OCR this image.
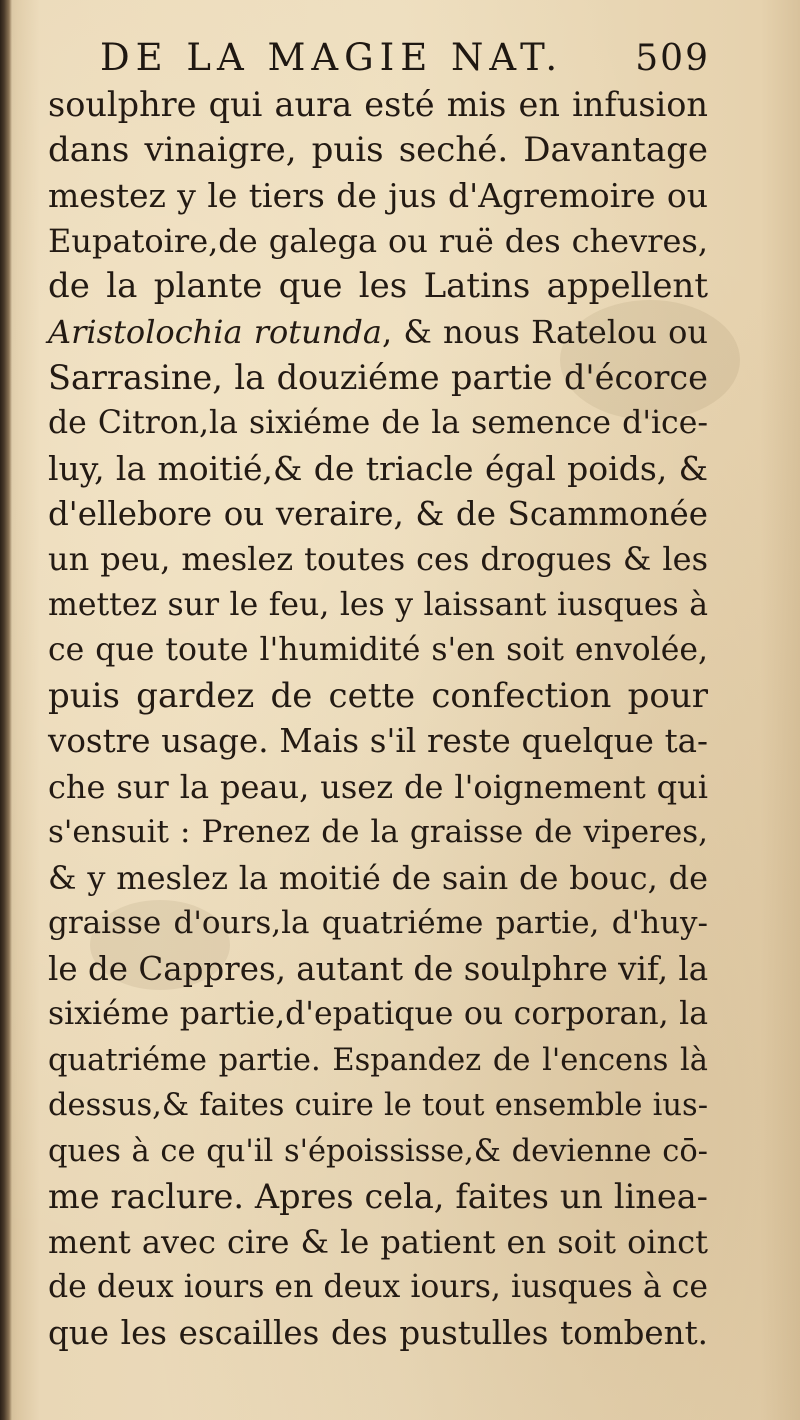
DE LA MAGIE NAT. 509
soulphre qui aura esté mis en infusion
dans vinaigre, puis seché. Davantage
mestez y le tiers de jus d'Agremoire ou
Eupatoire,de galega ou ruë des chevres,
de la plante que les Latins appellent
Aristolochia rotunda, & nous Ratelou ou
Sarrasine, la douziéme partie d'écorce
de Citron,la sixiéme de la semence d'ice-
luy, la moitié,& de triacle égal poids, &
d'ellebore ou veraire, & de Scammonée
un peu, meslez toutes ces drogues & les
mettez sur le feu, les y laissant iusques à
ce que toute l'humidité s'en soit envolée,
puis gardez de cette confection pour
vostre usage. Mais s'il reste quelque ta-
che sur la peau, usez de l'oignement qui
s'ensuit : Prenez de la graisse de viperes,
& y meslez la moitié de sain de bouc, de
graisse d'ours,la quatriéme partie, d'huy-
le de Cappres, autant de soulphre vif, la
sixiéme partie,d'epatique ou corporan, la
quatriéme partie. Espandez de l'encens là
dessus,& faites cuire le tout ensemble ius-
ques à ce qu'il s'époississe,& devienne cō-
me raclure. Apres cela, faites un linea-
ment avec cire & le patient en soit oinct
de deux iours en deux iours, iusques à ce
que les escailles des pustulles tombent.
